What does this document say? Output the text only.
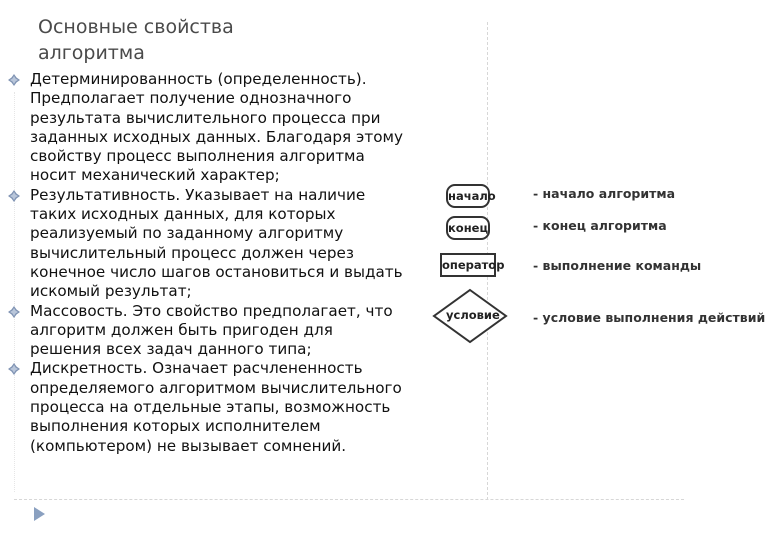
Основные свойства
алгоритма
Детерминированность (определенность).
Предполагает получение однозначного
результата вычислительного процесса при
заданных исходных данных. Благодаря этому
свойству процесс выполнения алгоритма
носит механический характер;
Результативность. Указывает на наличие
таких исходных данных, для которых
реализуемый по заданному алгоритму
вычислительный процесс должен через
конечное число шагов остановиться и выдать
искомый результат;
Массовость. Это свойство предполагает, что
алгоритм должен быть пригоден для
решения всех задач данного типа;
Дискретность. Означает расчлененность
определяемого алгоритмом вычислительного
процесса на отдельные этапы, возможность
выполнения которых исполнителем
(компьютером) не вызывает сомнений.
начало	- начало алгоритма
конец	- конец алгоритма
оператор - выполнение команды
условие	- условие выполнения действий
